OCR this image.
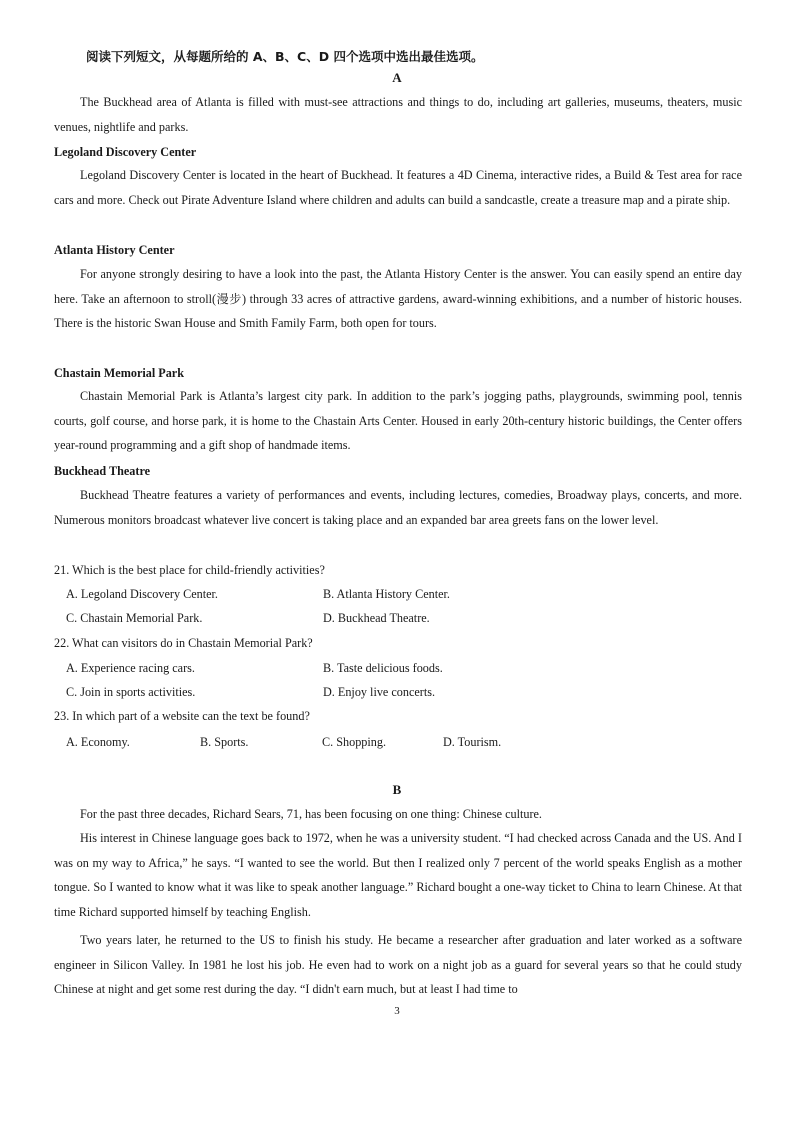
阅读下列短文，从每题所给的 A、B、C、D 四个选项中选出最佳选项。
A

The Buckhead area of Atlanta is filled with must-see attractions and things to do, including art galleries, museums, theaters, music venues, nightlife and parks.

Legoland Discovery Center

Legoland Discovery Center is located in the heart of Buckhead. It features a 4D Cinema, interactive rides, a Build & Test area for race cars and more. Check out Pirate Adventure Island where children and adults can build a sandcastle, create a treasure map and a pirate ship.

Atlanta History Center

For anyone strongly desiring to have a look into the past, the Atlanta History Center is the answer. You can easily spend an entire day here. Take an afternoon to stroll(漫步) through 33 acres of attractive gardens, award-winning exhibitions, and a number of historic houses. There is the historic Swan House and Smith Family Farm, both open for tours.

Chastain Memorial Park

Chastain Memorial Park is Atlanta’s largest city park. In addition to the park’s jogging paths, playgrounds, swimming pool, tennis courts, golf course, and horse park, it is home to the Chastain Arts Center. Housed in early 20th-century historic buildings, the Center offers year-round programming and a gift shop of handmade items.

Buckhead Theatre

Buckhead Theatre features a variety of performances and events, including lectures, comedies, Broadway plays, concerts, and more. Numerous monitors broadcast whatever live concert is taking place and an expanded bar area greets fans on the lower level.

21. Which is the best place for child-friendly activities?
A. Legoland Discovery Center.	B. Atlanta History Center.
C. Chastain Memorial Park.	D. Buckhead Theatre.
22. What can visitors do in Chastain Memorial Park?
A. Experience racing cars.	B. Taste delicious foods.
C. Join in sports activities.	D. Enjoy live concerts.
23. In which part of a website can the text be found?
A. Economy.	B. Sports.	C. Shopping.	D. Tourism.
B

For the past three decades, Richard Sears, 71, has been focusing on one thing: Chinese culture.

His interest in Chinese language goes back to 1972, when he was a university student. “I had checked across Canada and the US. And I was on my way to Africa,” he says. “I wanted to see the world. But then I realized only 7 percent of the world speaks English as a mother tongue. So I wanted to know what it was like to speak another language.” Richard bought a one-way ticket to China to learn Chinese. At that time Richard supported himself by teaching English.

Two years later, he returned to the US to finish his study. He became a researcher after graduation and later worked as a software engineer in Silicon Valley. In 1981 he lost his job. He even had to work on a night job as a guard for several years so that he could study Chinese at night and get some rest during the day. “I didn't earn much, but at least I had time to

3
